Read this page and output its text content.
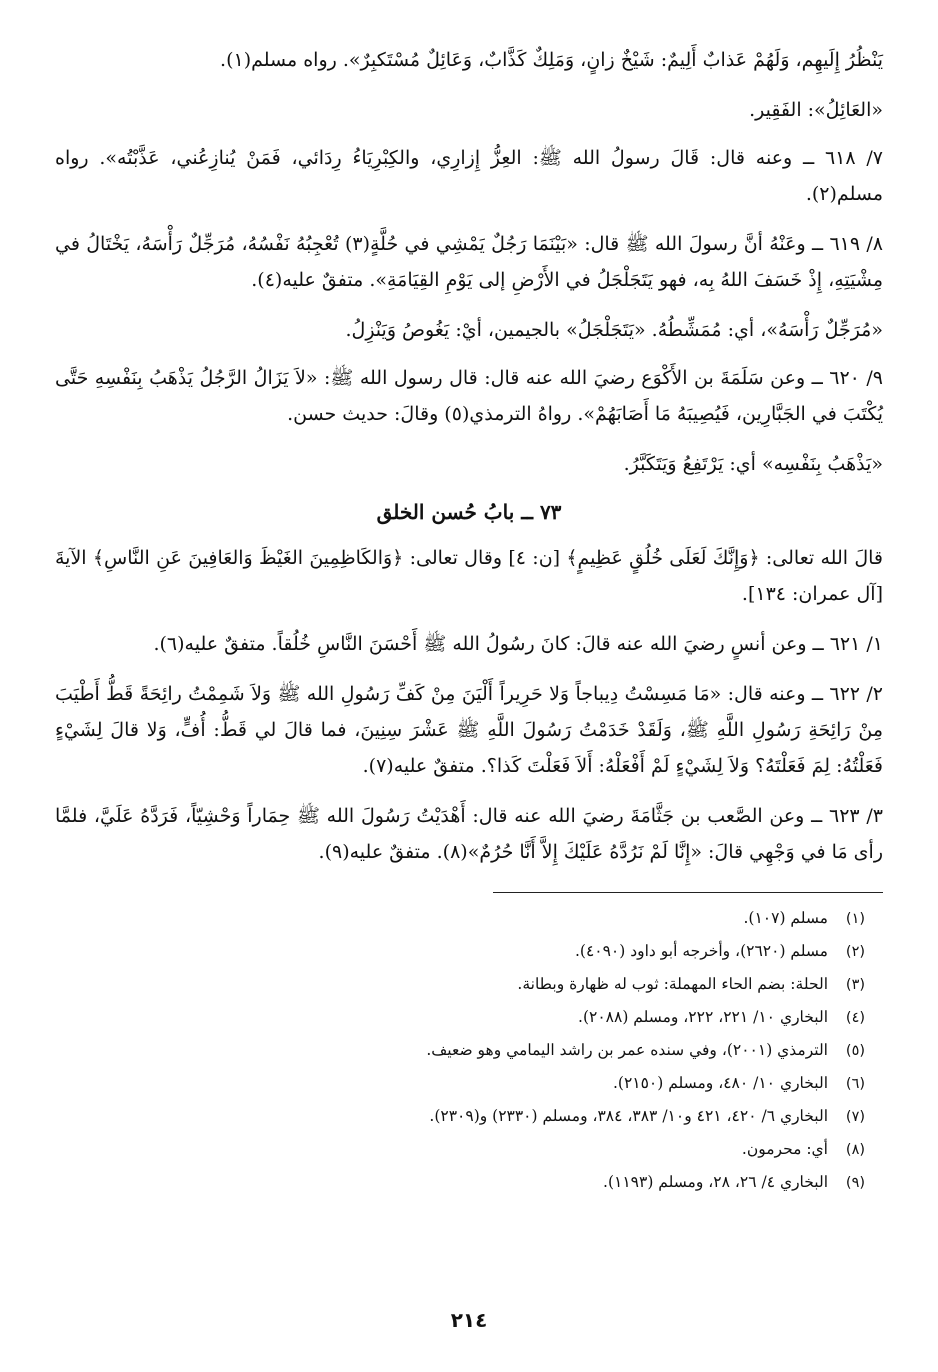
يَنْظُرُ إِلَيهِم، وَلَهُمْ عَذابٌ أَلِيمٌ: شَيْخٌ زانٍ، وَمَلِكٌ كَذَّابٌ، وَعَائِلٌ مُسْتَكبِرٌ». رواه مسلم(١).

«العَائِلُ»: الفَقِير.

٧/ ٦١٨ ــ وعنه قال: قَالَ رسولُ الله ﷺ: العِزُّ إِزارِي، والكِبْرِيَاءُ رِدَائي، فَمَنْ يُنازِعُني، عَذَّبْتُه». رواه مسلم(٢).

٨/ ٦١٩ ــ وعَنْهُ أنَّ رسولَ الله ﷺ قال: «بَيْنَمَا رَجُلٌ يَمْشِي في حُلَّةٍ(٣) تُعْجِبُهُ نَفْسُهُ، مُرَجِّلٌ رَأْسَهُ، يَخْتَالُ في مِشْيَتِهِ، إِذْ خَسَفَ اللهُ بِه، فهو يَتَجَلْجَلُ في الأَرْضِ إلى يَوْمِ القِيَامَةِ». متفقٌ عليه(٤).

«مُرَجِّلٌ رَأْسَهُ»، أي: مُمَشِّطُهُ. «يَتَجَلْجَلُ» بالجيمين، أيْ: يَغُوصُ وَيَنْزِلُ.

٩/ ٦٢٠ ــ وعن سَلَمَةَ بن الأَكْوَع رضيَ الله عنه قال: قال رسول الله ﷺ: «لاَ يَزَالُ الرَّجُلُ يَذْهَبُ بِنَفْسِهِ حَتَّى يُكْتَبَ في الجَبَّارِين، فَيُصِيبَهُ مَا أَصَابَهُمْ». رواهُ الترمذي(٥) وقالَ: حديث حسن.

«يَذْهَبُ بِنَفْسِه» أي: يَرْتَفِعُ وَيَتَكَبَّرُ.

٧٣ ــ بابُ حُسن الخلق

قالَ الله تعالى: ﴿وَإِنَّكَ لَعَلَى خُلُقٍ عَظِيمٍ﴾ [ن: ٤] وقال تعالى: ﴿وَالكَاظِمِينَ الغَيْظَ وَالعَافِينَ عَنِ النَّاسِ﴾ الآيةَ [آل عمران: ١٣٤].

١/ ٦٢١ ــ وعن أنسٍ رضيَ الله عنه قالَ: كانَ رسُولُ الله ﷺ أَحْسَنَ النَّاسِ خُلُقاً. متفقٌ عليه(٦).

٢/ ٦٢٢ ــ وعنه قال: «مَا مَسِسْتُ دِيباجاً وَلا حَرِيراً أَلْيَنَ مِنْ كَفِّ رَسُولِ الله ﷺ وَلاَ شَمِمْتُ رائِحَةً قَطُّ أَطْيَبَ مِنْ رَائِحَةِ رَسُولِ اللَّهِ ﷺ، وَلَقَدْ خَدَمْتُ رَسُولَ اللَّهِ ﷺ عَشْرَ سِنِينَ، فما قالَ لي قَطُّ: أُفٍّ، وَلا قالَ لِشَيْءٍ فَعَلْتُهُ: لِمَ فَعَلْتَهُ؟ وَلاَ لِشَيْءٍ لَمْ أَفْعَلْهُ: أَلاَ فَعَلْتَ كَذا؟. متفقٌ عليه(٧).

٣/ ٦٢٣ ــ وعن الصَّعب بن جَثَّامَةَ رضيَ الله عنه قال: أَهْدَيْتُ رَسُولَ الله ﷺ حِمَاراً وَحْشِيّاً، فَرَدَّهُ عَلَيَّ، فلمَّا رأى مَا في وَجْهِي قالَ: «إِنَّا لَمْ نَرُدَّهُ عَلَيْكَ إِلاَّ أَنَّا حُرُمٌ»(٨). متفقٌ عليه(٩).

(١)
مسلم (١٠٧).
(٢)
مسلم (٢٦٢٠)، وأخرجه أبو داود (٤٠٩٠).
(٣)
الحلة: بضم الحاء المهملة: ثوب له ظهارة وبطانة.
(٤)
البخاري ١٠/ ٢٢١، ٢٢٢، ومسلم (٢٠٨٨).
(٥)
الترمذي (٢٠٠١)، وفي سنده عمر بن راشد اليمامي وهو ضعيف.
(٦)
البخاري ١٠/ ٤٨٠، ومسلم (٢١٥٠).
(٧)
البخاري ٦/ ٤٢٠، ٤٢١ و١٠/ ٣٨٣، ٣٨٤، ومسلم (٢٣٣٠) و(٢٣٠٩).
(٨)
أي: محرمون.
(٩)
البخاري ٤/ ٢٦، ٢٨، ومسلم (١١٩٣).
٢١٤
